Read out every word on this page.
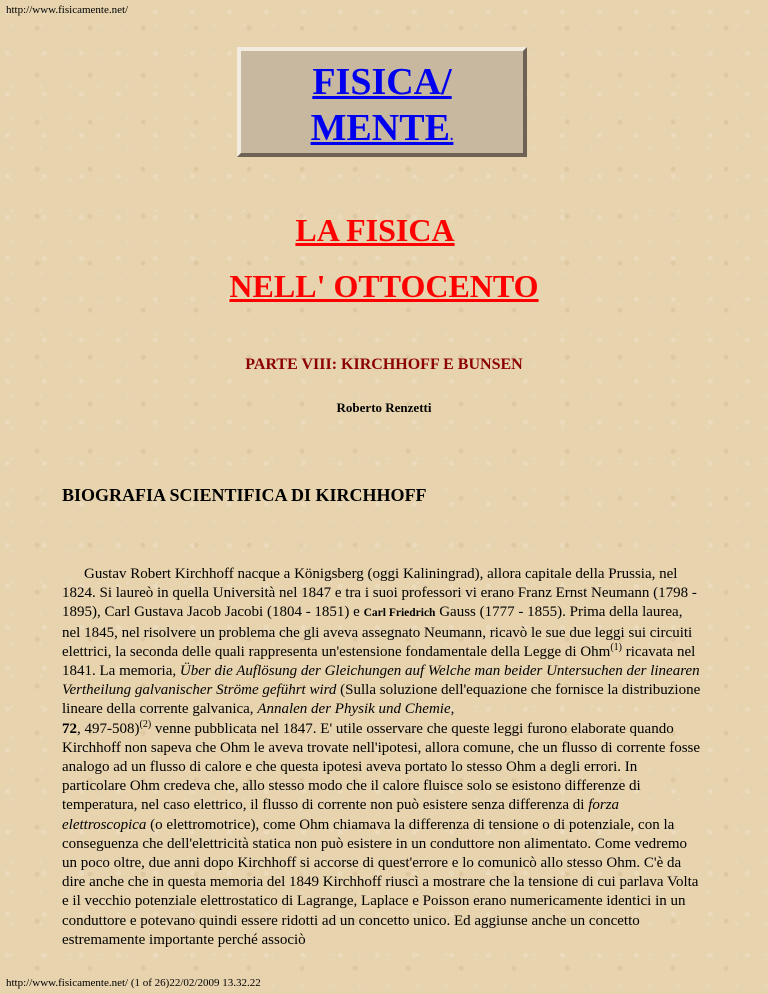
http://www.fisicamente.net/
FISICA/
MENTE.
LA FISICA
NELL' OTTOCENTO
PARTE VIII: KIRCHHOFF E BUNSEN
Roberto Renzetti
BIOGRAFIA SCIENTIFICA DI KIRCHHOFF

Gustav Robert Kirchhoff nacque a Königsberg (oggi Kaliningrad), allora capitale della Prussia, nel 1824. Si laureò in quella Università nel 1847 e tra i suoi professori vi erano Franz Ernst Neumann (1798 - 1895), Carl Gustava Jacob Jacobi (1804 - 1851) e Carl Friedrich Gauss (1777 - 1855). Prima della laurea, nel 1845, nel risolvere un problema che gli aveva assegnato Neumann, ricavò le sue due leggi sui circuiti elettrici, la seconda delle quali rappresenta un'estensione fondamentale della Legge di Ohm$^{(1)}$ ricavata nel 1841. La memoria, Über die Auflösung der Gleichungen auf Welche man beider Untersuchen der linearen Vertheilung galvanischer Ströme geführt wird (Sulla soluzione dell'equazione che fornisce la distribuzione lineare della corrente galvanica, Annalen der Physik und Chemie,
72, 497-508)$^{(2)}$ venne pubblicata nel 1847. E' utile osservare che queste leggi furono elaborate quando Kirchhoff non sapeva che Ohm le aveva trovate nell'ipotesi, allora comune, che un flusso di corrente fosse analogo ad un flusso di calore e che questa ipotesi aveva portato lo stesso Ohm a degli errori. In particolare Ohm credeva che, allo stesso modo che il calore fluisce solo se esistono differenze di temperatura, nel caso elettrico, il flusso di corrente non può esistere senza differenza di forza elettroscopica (o elettromotrice), come Ohm chiamava la differenza di tensione o di potenziale, con la conseguenza che dell'elettricità statica non può esistere in un conduttore non alimentato. Come vedremo un poco oltre, due anni dopo Kirchhoff si accorse di quest'errore e lo comunicò allo stesso Ohm. C'è da dire anche che in questa memoria del 1849 Kirchhoff riuscì a mostrare che la tensione di cui parlava Volta e il vecchio potenziale elettrostatico di Lagrange, Laplace e Poisson erano numericamente identici in un conduttore e potevano quindi essere ridotti ad un concetto unico. Ed aggiunse anche un concetto estremamente importante perché associò

http://www.fisicamente.net/ (1 of 26)22/02/2009 13.32.22
